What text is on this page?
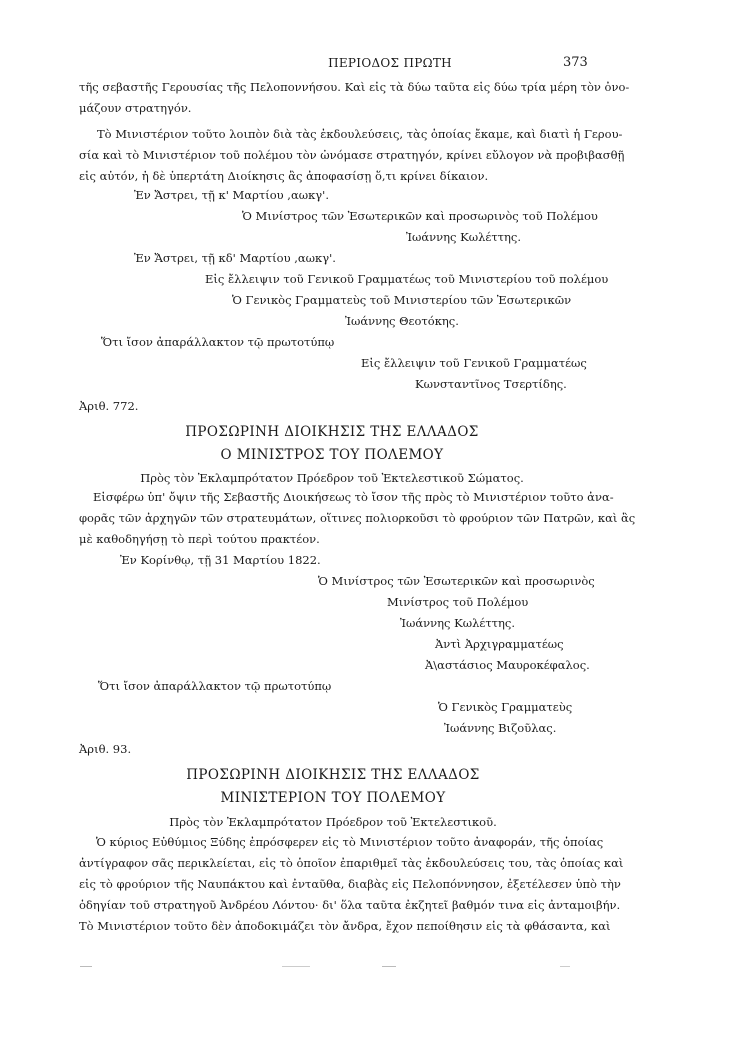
ΠΕΡΙΟΔΟΣ ΠΡΩΤΗ	373
τῆς σεβαστῆς Γερουσίας τῆς Πελοποννήσου. Καὶ εἰς τὰ δύω ταῦτα εἰς δύω τρία μέρη τὸν ὀνο-
μάζουν στρατηγόν.
Τὸ Μινιστέριον τοῦτο λοιπὸν διὰ τὰς ἐκδουλεύσεις, τὰς ὁποίας ἔκαμε, καὶ διατὶ ἡ Γερου-
σία καὶ τὸ Μινιστέριον τοῦ πολέμου τὸν ὠνόμασε στρατηγόν, κρίνει εὔλογον νὰ προβιβασθῇ
εἰς αὐτόν, ἡ δὲ ὑπερτάτη Διοίκησις ἂς ἀποφασίσῃ ὅ,τι κρίνει δίκαιον.
Ἐν Ἄστρει, τῇ κ' Μαρτίου ,αωκγ'.
Ὁ Μινίστρος τῶν Ἐσωτερικῶν καὶ προσωρινὸς τοῦ Πολέμου
Ἰωάννης Κωλέττης.
Ἐν Ἄστρει, τῇ κδ' Μαρτίου ,αωκγ'.
Εἰς ἔλλειψιν τοῦ Γενικοῦ Γραμματέως τοῦ Μινιστερίου τοῦ πολέμου
Ὁ Γενικὸς Γραμματεὺς τοῦ Μινιστερίου τῶν Ἐσωτερικῶν
Ἰωάννης Θεοτόκης.
Ὅτι ἴσον ἀπαράλλακτον τῷ πρωτοτύπῳ
Εἰς ἔλλειψιν τοῦ Γενικοῦ Γραμματέως
Κωνσταντῖνος Τσερτίδης.
Ἀριθ. 772.
ΠΡΟΣΩΡΙΝΗ ΔΙΟΙΚΗΣΙΣ ΤΗΣ ΕΛΛΑΔΟΣ
Ο ΜΙΝΙΣΤΡΟΣ ΤΟΥ ΠΟΛΕΜΟΥ
Πρὸς τὸν Ἐκλαμπρότατον Πρόεδρον τοῦ Ἐκτελεστικοῦ Σώματος.
Εἰσφέρω ὑπ' ὄψιν τῆς Σεβαστῆς Διοικήσεως τὸ ἴσον τῆς πρὸς τὸ Μινιστέριον τοῦτο ἀνα-
φορᾶς τῶν ἀρχηγῶν τῶν στρατευμάτων, οἵτινες πολιορκοῦσι τὸ φρούριον τῶν Πατρῶν, καὶ ἂς
μὲ καθοδηγήσῃ τὸ περὶ τούτου πρακτέον.
Ἐν Κορίνθῳ, τῇ 31 Μαρτίου 1822.
Ὁ Μινίστρος τῶν Ἐσωτερικῶν καὶ προσωρινὸς
Μινίστρος τοῦ Πολέμου
Ἰωάννης Κωλέττης.
Ἀντὶ Ἀρχιγραμματέως
Ἀ\αστάσιος Μαυροκέφαλος.
Ὅτι ἴσον ἀπαράλλακτον τῷ πρωτοτύπῳ
Ὁ Γενικὸς Γραμματεὺς
Ἰωάννης Βιζοῦλας.
Ἀριθ. 93.
ΠΡΟΣΩΡΙΝΗ ΔΙΟΙΚΗΣΙΣ ΤΗΣ ΕΛΛΑΔΟΣ
ΜΙΝΙΣΤΕΡΙΟΝ ΤΟΥ ΠΟΛΕΜΟΥ
Πρὸς τὸν Ἐκλαμπρότατον Πρόεδρον τοῦ Ἐκτελεστικοῦ.
Ὁ κύριος Εὐθύμιος Ξύδης ἐπρόσφερεν εἰς τὸ Μινιστέριον τοῦτο ἀναφοράν, τῆς ὁποίας
ἀντίγραφον σᾶς περικλείεται, εἰς τὸ ὁποῖον ἐπαριθμεῖ τὰς ἐκδουλεύσεις του, τὰς ὁποίας καὶ
εἰς τὸ φρούριον τῆς Ναυπάκτου καὶ ἐνταῦθα, διαβὰς εἰς Πελοπόννησον, ἐξετέλεσεν ὑπὸ τὴν
ὁδηγίαν τοῦ στρατηγοῦ Ἀνδρέου Λόντου· δι' ὅλα ταῦτα ἐκζητεῖ βαθμόν τινα εἰς ἀνταμοιβήν.
Τὸ Μινιστέριον τοῦτο δὲν ἀποδοκιμάζει τὸν ἄνδρα, ἔχον πεποίθησιν εἰς τὰ φθάσαντα, καὶ
